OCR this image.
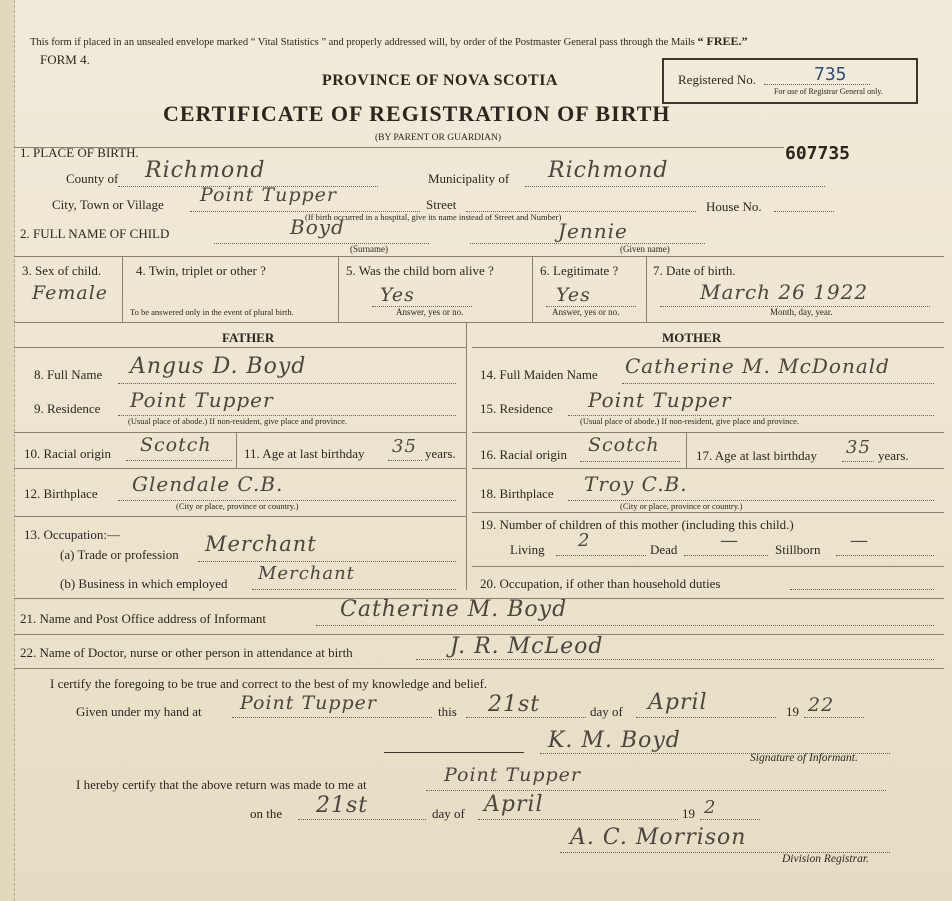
This form if placed in an unsealed envelope marked “ Vital Statistics ” and properly addressed will, by order of the Postmaster General pass through the Mails “ FREE.”
FORM 4.
PROVINCE OF NOVA SCOTIA
CERTIFICATE OF REGISTRATION OF BIRTH
(BY PARENT OR GUARDIAN)
Registered No.	735
For use of Registrar General only.
607735
1. PLACE OF BIRTH.
County of Richmond	Municipality of Richmond
City, Town or Village Point Tupper	Street	House No.
(If birth occurred in a hospital, give its name instead of Street and Number)
2. FULL NAME OF CHILD	Boyd
(Surname)
Jennie
(Given name)
3. Sex of child.
Female
4. Twin, triplet or other ?
To be answered only in the event of plural birth.
5. Was the child born alive ?
Yes
Answer, yes or no.
6. Legitimate ?
Yes
Answer, yes or no.
7. Date of birth.
March 26 1922
Month, day, year.
FATHER	MOTHER
8. Full Name Angus D. Boyd
9. Residence Point Tupper
(Usual place of abode.) If non-resident, give place and province.
10. Racial origin Scotch 11. Age at last birthday 35 years.
12. Birthplace Glendale C.B.
(City or place, province or country.)
13. Occupation:—
(a) Trade or profession Merchant
(b) Business in which employed Merchant
14. Full Maiden Name Catherine M. McDonald
15. Residence Point Tupper
(Usual place of abode.) If non-resident, give place and province.
16. Racial origin Scotch	17. Age at last birthday 35 years.
18. Birthplace Troy C.B.
(City or place, province or country.)
19. Number of children of this mother (including this child.)
Living 2	Dead —	Stillborn —
20. Occupation, if other than household duties
21. Name and Post Office address of Informant	Catherine M. Boyd
22. Name of Doctor, nurse or other person in attendance at birth	J. R. McLeod
I certify the foregoing to be true and correct to the best of my knowledge and belief.
Given under my hand at Point Tupper	this 21st	day of April	19 22
K. M. Boyd
Signature of Informant.
I hereby certify that the above return was made to me at	Point Tupper
on the 21st	day of April	19 2
A. C. Morrison
Division Registrar.
